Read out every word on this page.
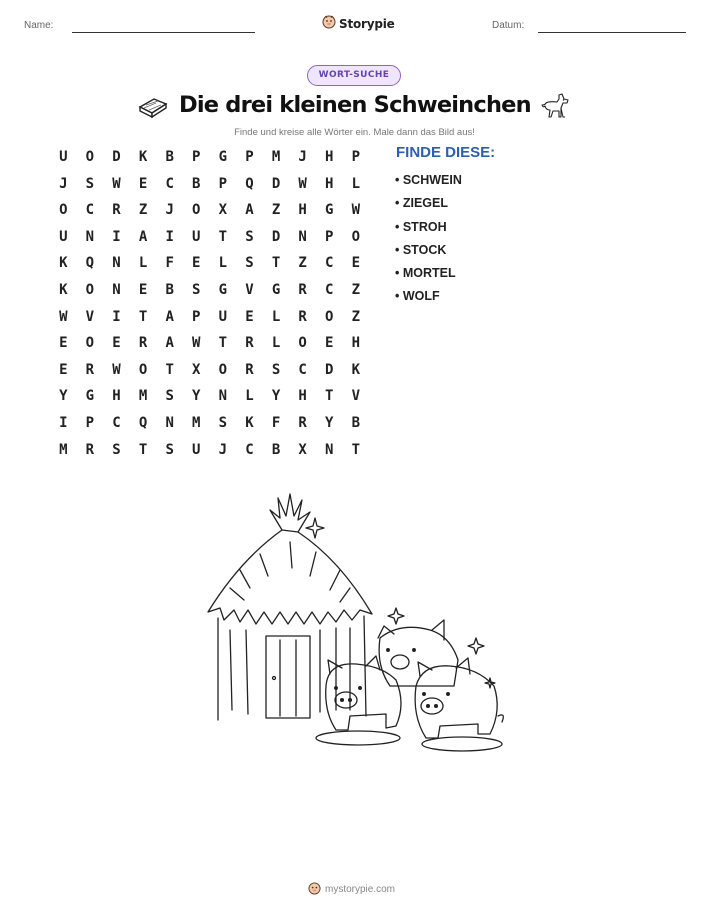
Name:	Storypie	Datum:
WORT-SUCHE
Die drei kleinen Schweinchen
Finde und kreise alle Wörter ein. Male dann das Bild aus!
U	O	D	K	B	P	G	P	M	J	H	P
J	S	W	E	C	B	P	Q	D	W	H	L
O	C	R	Z	J	O	X	A	Z	H	G	W
U	N	I	A	I	U	T	S	D	N	P	O
K	Q	N	L	F	E	L	S	T	Z	C	E
K	O	N	E	B	S	G	V	G	R	C	Z
W	V	I	T	A	P	U	E	L	R	O	Z
E	O	E	R	A	W	T	R	L	O	E	H
E	R	W	O	T	X	O	R	S	C	D	K
Y	G	H	M	S	Y	N	L	Y	H	T	V
I	P	C	Q	N	M	S	K	F	R	Y	B
M	R	S	T	S	U	J	C	B	X	N	T
FINDE DIESE:
• SCHWEIN
• ZIEGEL
• STROH
• STOCK
• MORTEL
• WOLF
mystorypie.com
